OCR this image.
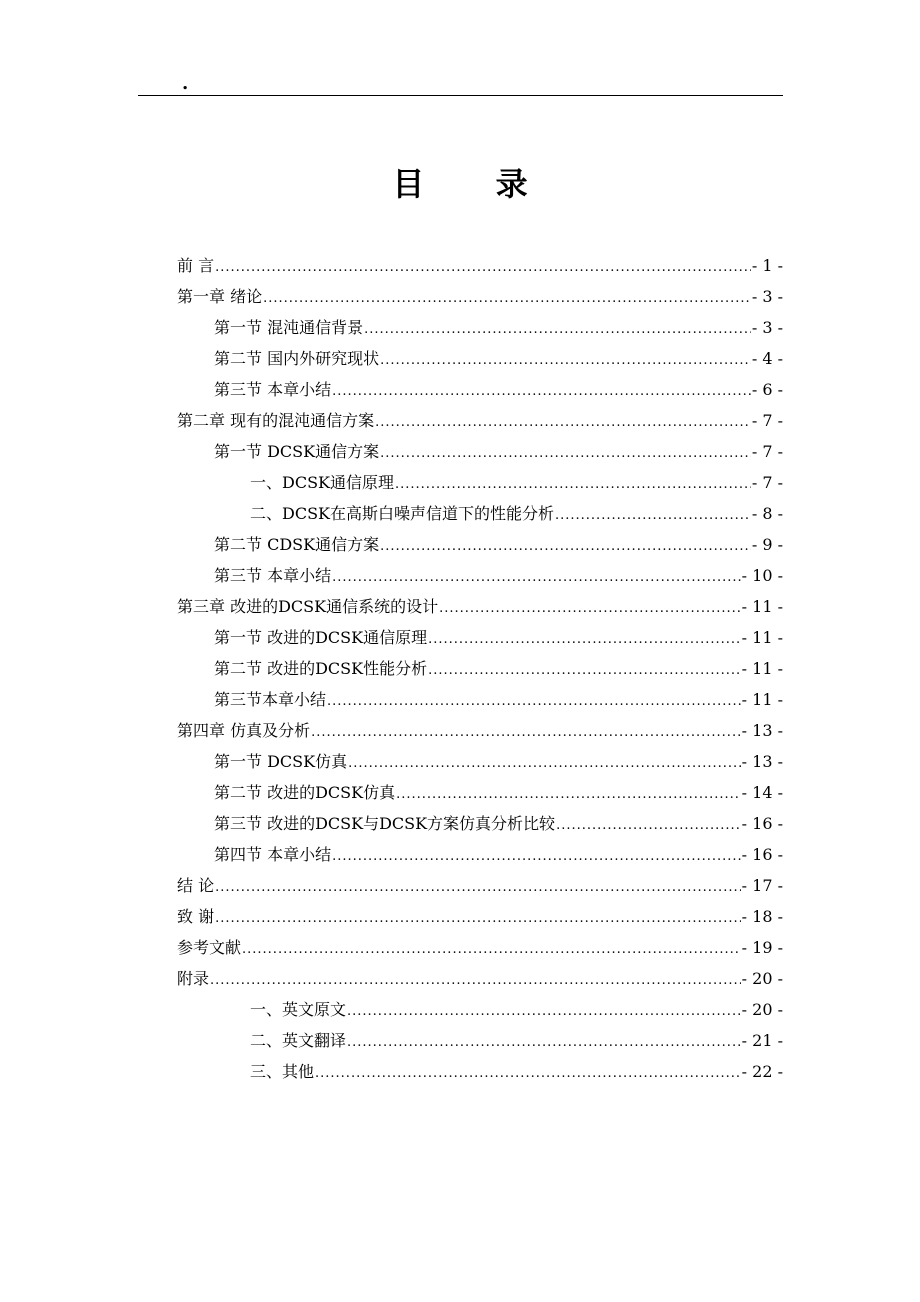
.
目 录
前 言 .....	- 1 -
第一章 绪论 .....	- 3 -
第一节 混沌通信背景 .....	- 3 -
第二节 国内外研究现状 .....	- 4 -
第三节 本章小结 .....	- 6 -
第二章 现有的混沌通信方案 .....	- 7 -
第一节 DCSK通信方案 .....	- 7 -
一、DCSK通信原理 .....	- 7 -
二、DCSK在高斯白噪声信道下的性能分析 .....	- 8 -
第二节 CDSK通信方案 .....	- 9 -
第三节 本章小结 .....	- 10 -
第三章 改进的DCSK通信系统的设计 .....	- 11 -
第一节 改进的DCSK通信原理 .....	- 11 -
第二节 改进的DCSK性能分析 .....	- 11 -
第三节本章小结 .....	- 11 -
第四章 仿真及分析 .....	- 13 -
第一节 DCSK仿真 .....	- 13 -
第二节 改进的DCSK仿真 .....	- 14 -
第三节 改进的DCSK与DCSK方案仿真分析比较 .....	- 16 -
第四节 本章小结 .....	- 16 -
结 论 .....	- 17 -
致 谢 .....	- 18 -
参考文献 .....	- 19 -
附录 .....	- 20 -
一、英文原文 .....	- 20 -
二、英文翻译 .....	- 21 -
三、其他 .....	- 22 -
